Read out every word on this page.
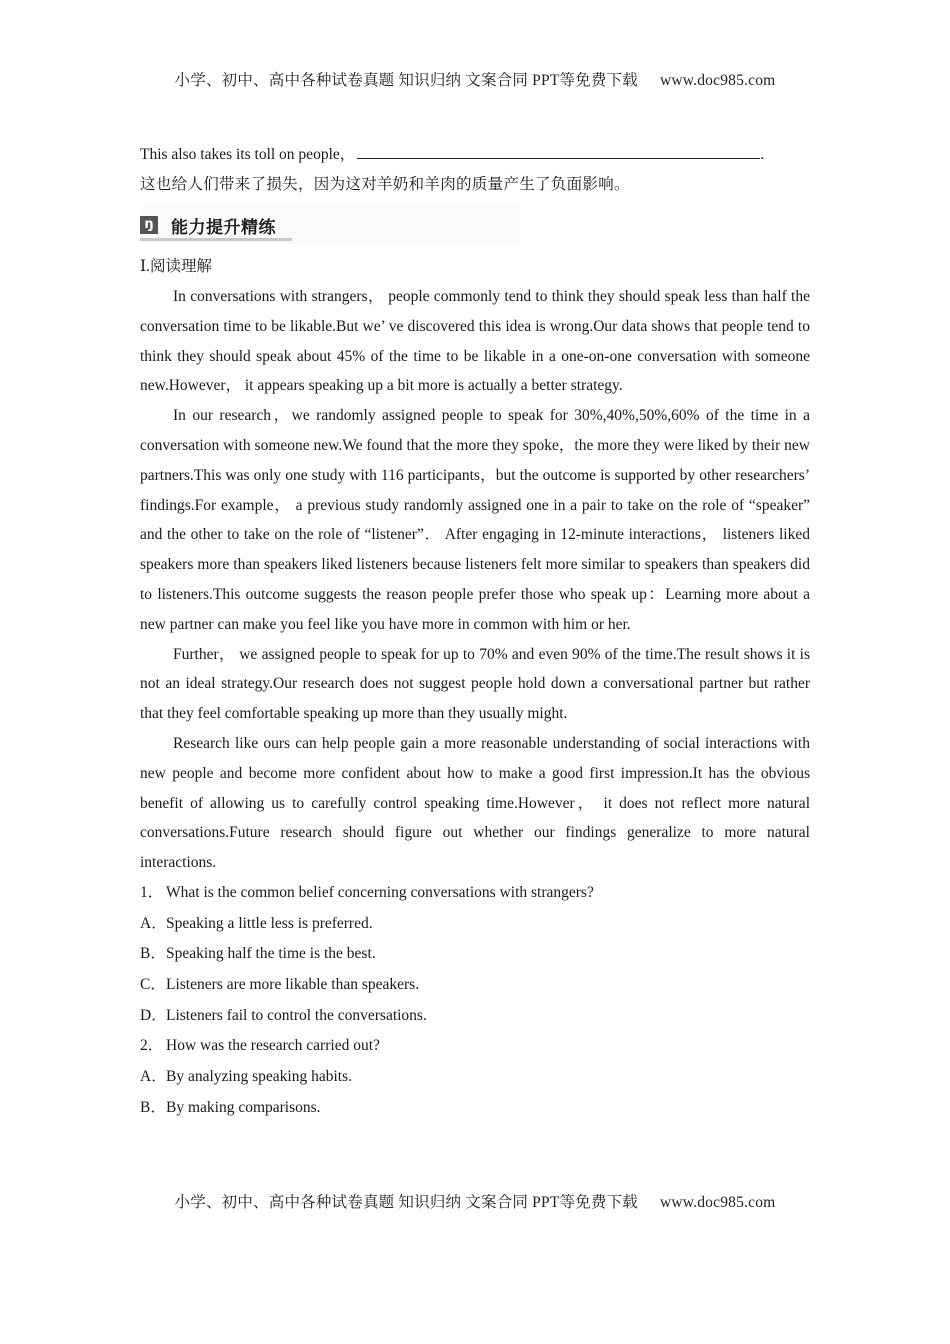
小学、初中、高中各种试卷真题 知识归纳 文案合同 PPT等免费下载 www.doc985.com
This also takes its toll on people，	.
这也给人们带来了损失，因为这对羊奶和羊肉的质量产生了负面影响。
ŋ 能力提升精练
Ⅰ.阅读理解

In conversations with strangers， people commonly tend to think they should speak less than half the conversation time to be likable.But we’ ve discovered this idea is wrong.Our data shows that people tend to think they should speak about 45% of the time to be likable in a one-on-one conversation with someone new.However， it appears speaking up a bit more is actually a better strategy.

In our research，we randomly assigned people to speak for 30%,40%,50%,60% of the time in a conversation with someone new.We found that the more they spoke，the more they were liked by their new partners.This was only one study with 116 participants，but the outcome is supported by other researchers’ findings.For example， a previous study randomly assigned one in a pair to take on the role of “speaker” and the other to take on the role of “listener”． After engaging in 12-minute interactions， listeners liked speakers more than speakers liked listeners because listeners felt more similar to speakers than speakers did to listeners.This outcome suggests the reason people prefer those who speak up：Learning more about a new partner can make you feel like you have more in common with him or her.

Further， we assigned people to speak for up to 70% and even 90% of the time.The result shows it is not an ideal strategy.Our research does not suggest people hold down a conversational partner but rather that they feel comfortable speaking up more than they usually might.

Research like ours can help people gain a more reasonable understanding of social interactions with new people and become more confident about how to make a good first impression.It has the obvious benefit of allowing us to carefully control speaking time.However， it does not reflect more natural conversations.Future research should figure out whether our findings generalize to more natural interactions.

1． What is the common belief concerning conversations with strangers?
A．Speaking a little less is preferred.
B．Speaking half the time is the best.
C．Listeners are more likable than speakers.
D．Listeners fail to control the conversations.
2． How was the research carried out?
A．By analyzing speaking habits.
B．By making comparisons.
小学、初中、高中各种试卷真题 知识归纳 文案合同 PPT等免费下载 www.doc985.com
